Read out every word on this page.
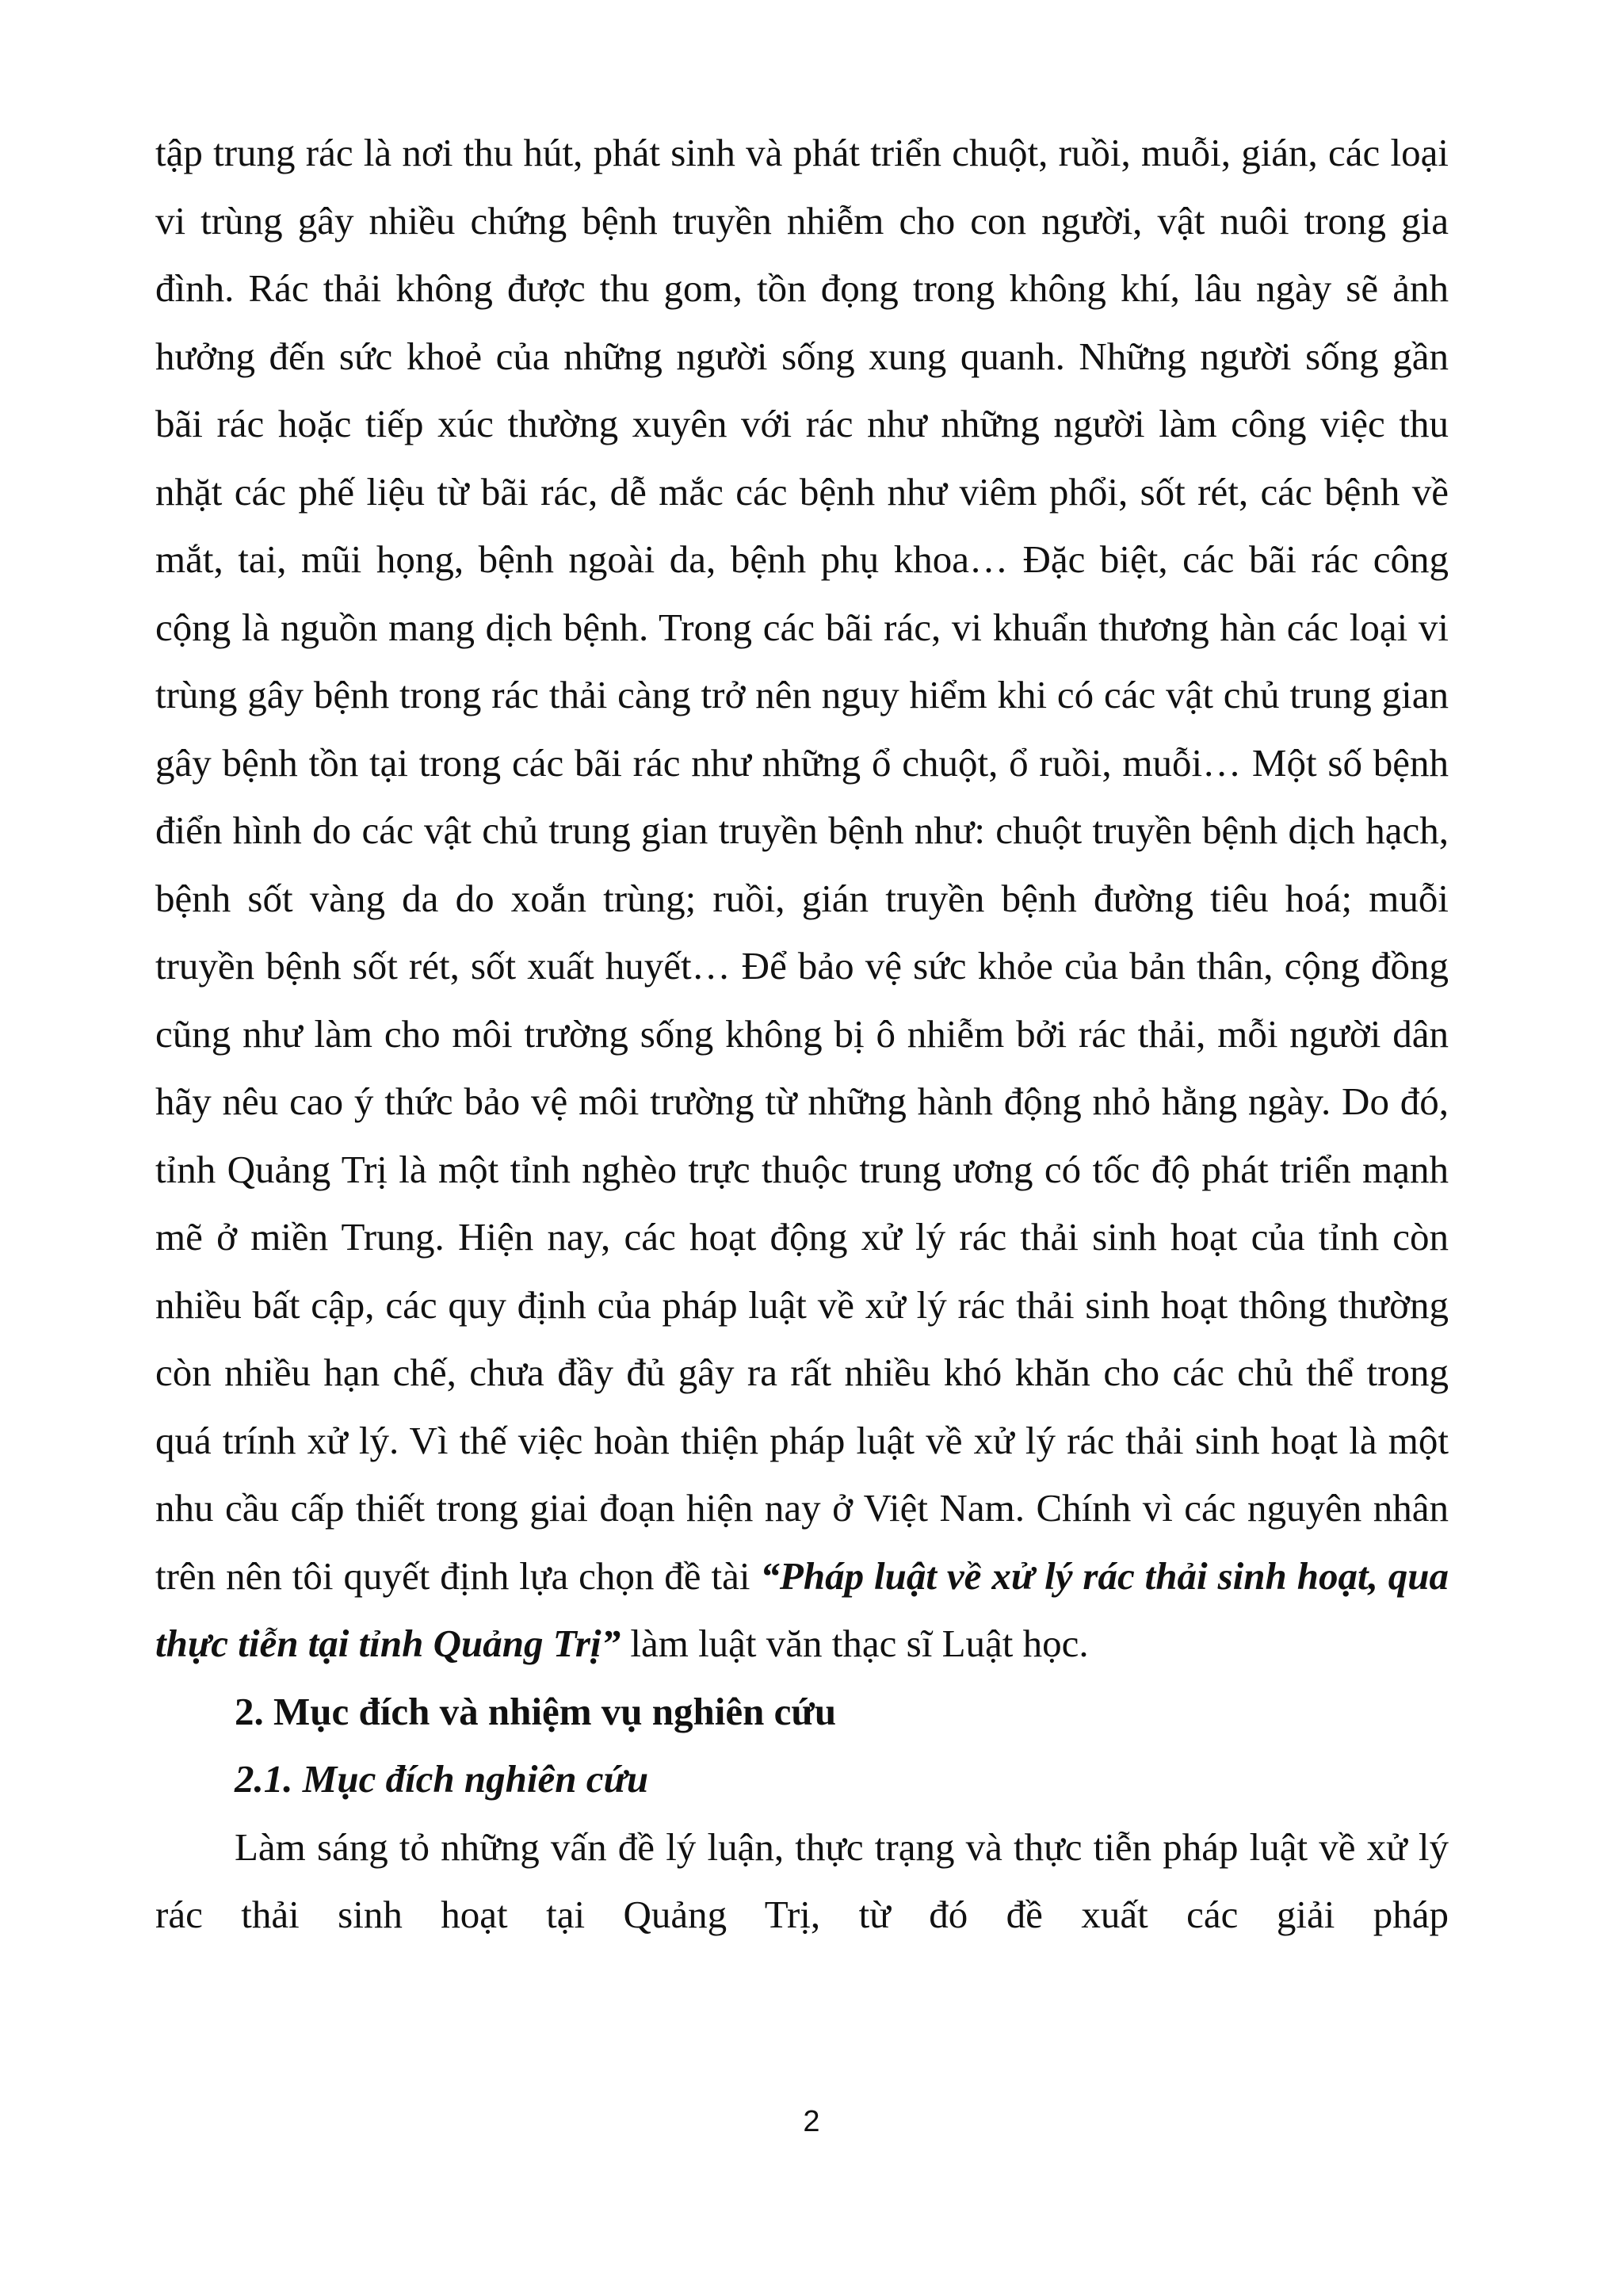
tập trung rác là nơi thu hút, phát sinh và phát triển chuột, ruồi, muỗi, gián, các loại vi trùng gây nhiều chứng bệnh truyền nhiễm cho con người, vật nuôi trong gia đình. Rác thải không được thu gom, tồn đọng trong không khí, lâu ngày sẽ ảnh hưởng đến sức khoẻ của những người sống xung quanh. Những người sống gần bãi rác hoặc tiếp xúc thường xuyên với rác như những người làm công việc thu nhặt các phế liệu từ bãi rác, dễ mắc các bệnh như viêm phổi, sốt rét, các bệnh về mắt, tai, mũi họng, bệnh ngoài da, bệnh phụ khoa… Đặc biệt, các bãi rác công cộng là nguồn mang dịch bệnh. Trong các bãi rác, vi khuẩn thương hàn các loại vi trùng gây bệnh trong rác thải càng trở nên nguy hiểm khi có các vật chủ trung gian gây bệnh tồn tại trong các bãi rác như những ổ chuột, ổ ruồi, muỗi… Một số bệnh điển hình do các vật chủ trung gian truyền bệnh như: chuột truyền bệnh dịch hạch, bệnh sốt vàng da do xoắn trùng; ruồi, gián truyền bệnh đường tiêu hoá; muỗi truyền bệnh sốt rét, sốt xuất huyết… Để bảo vệ sức khỏe của bản thân, cộng đồng cũng như làm cho môi trường sống không bị ô nhiễm bởi rác thải, mỗi người dân hãy nêu cao ý thức bảo vệ môi trường từ những hành động nhỏ hằng ngày. Do đó, tỉnh Quảng Trị là một tỉnh nghèo trực thuộc trung ương có tốc độ phát triển mạnh mẽ ở miền Trung. Hiện nay, các hoạt động xử lý rác thải sinh hoạt của tỉnh còn nhiều bất cập, các quy định của pháp luật về xử lý rác thải sinh hoạt thông thường còn nhiều hạn chế, chưa đầy đủ gây ra rất nhiều khó khăn cho các chủ thể trong quá trính xử lý. Vì thế việc hoàn thiện pháp luật về xử lý rác thải sinh hoạt là một nhu cầu cấp thiết trong giai đoạn hiện nay ở Việt Nam. Chính vì các nguyên nhân trên nên tôi quyết định lựa chọn đề tài “Pháp luật về xử lý rác thải sinh hoạt, qua thực tiễn tại tỉnh Quảng Trị” làm luật văn thạc sĩ Luật học.

2. Mục đích và nhiệm vụ nghiên cứu

2.1. Mục đích nghiên cứu

Làm sáng tỏ những vấn đề lý luận, thực trạng và thực tiễn pháp luật về xử lý rác thải sinh hoạt tại Quảng Trị, từ đó đề xuất các giải pháp

2
